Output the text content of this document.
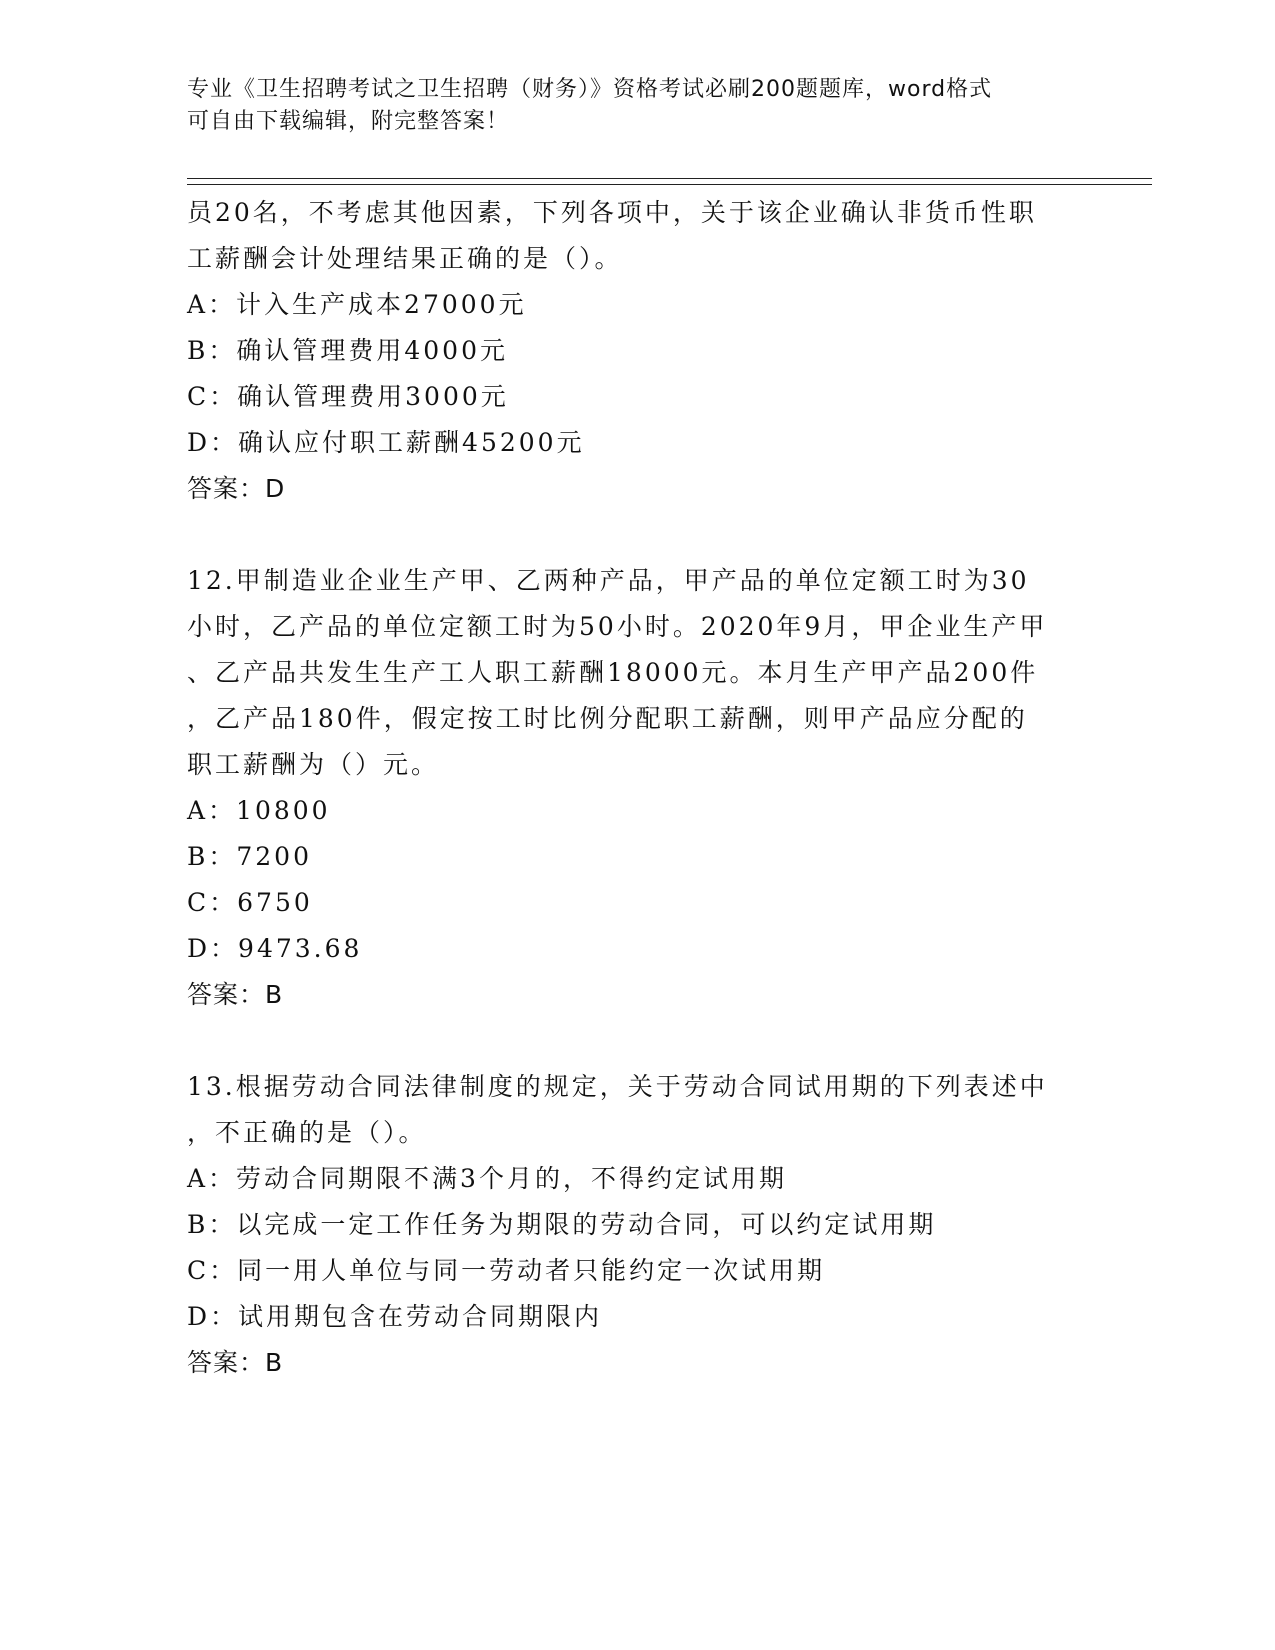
专业《卫生招聘考试之卫生招聘（财务）》资格考试必刷200题题库，word格式
可自由下载编辑，附完整答案！
员20名，不考虑其他因素，下列各项中，关于该企业确认非货币性职
工薪酬会计处理结果正确的是（）。
A：计入生产成本27000元
B：确认管理费用4000元
C：确认管理费用3000元
D：确认应付职工薪酬45200元
答案：D
12.甲制造业企业生产甲、乙两种产品，甲产品的单位定额工时为30
小时，乙产品的单位定额工时为50小时。2020年9月，甲企业生产甲
、乙产品共发生生产工人职工薪酬18000元。本月生产甲产品200件
，乙产品180件，假定按工时比例分配职工薪酬，则甲产品应分配的
职工薪酬为（）元。
A：10800
B：7200
C：6750
D：9473.68
答案：B
13.根据劳动合同法律制度的规定，关于劳动合同试用期的下列表述中
，不正确的是（）。
A：劳动合同期限不满3个月的，不得约定试用期
B：以完成一定工作任务为期限的劳动合同，可以约定试用期
C：同一用人单位与同一劳动者只能约定一次试用期
D：试用期包含在劳动合同期限内
答案：B
